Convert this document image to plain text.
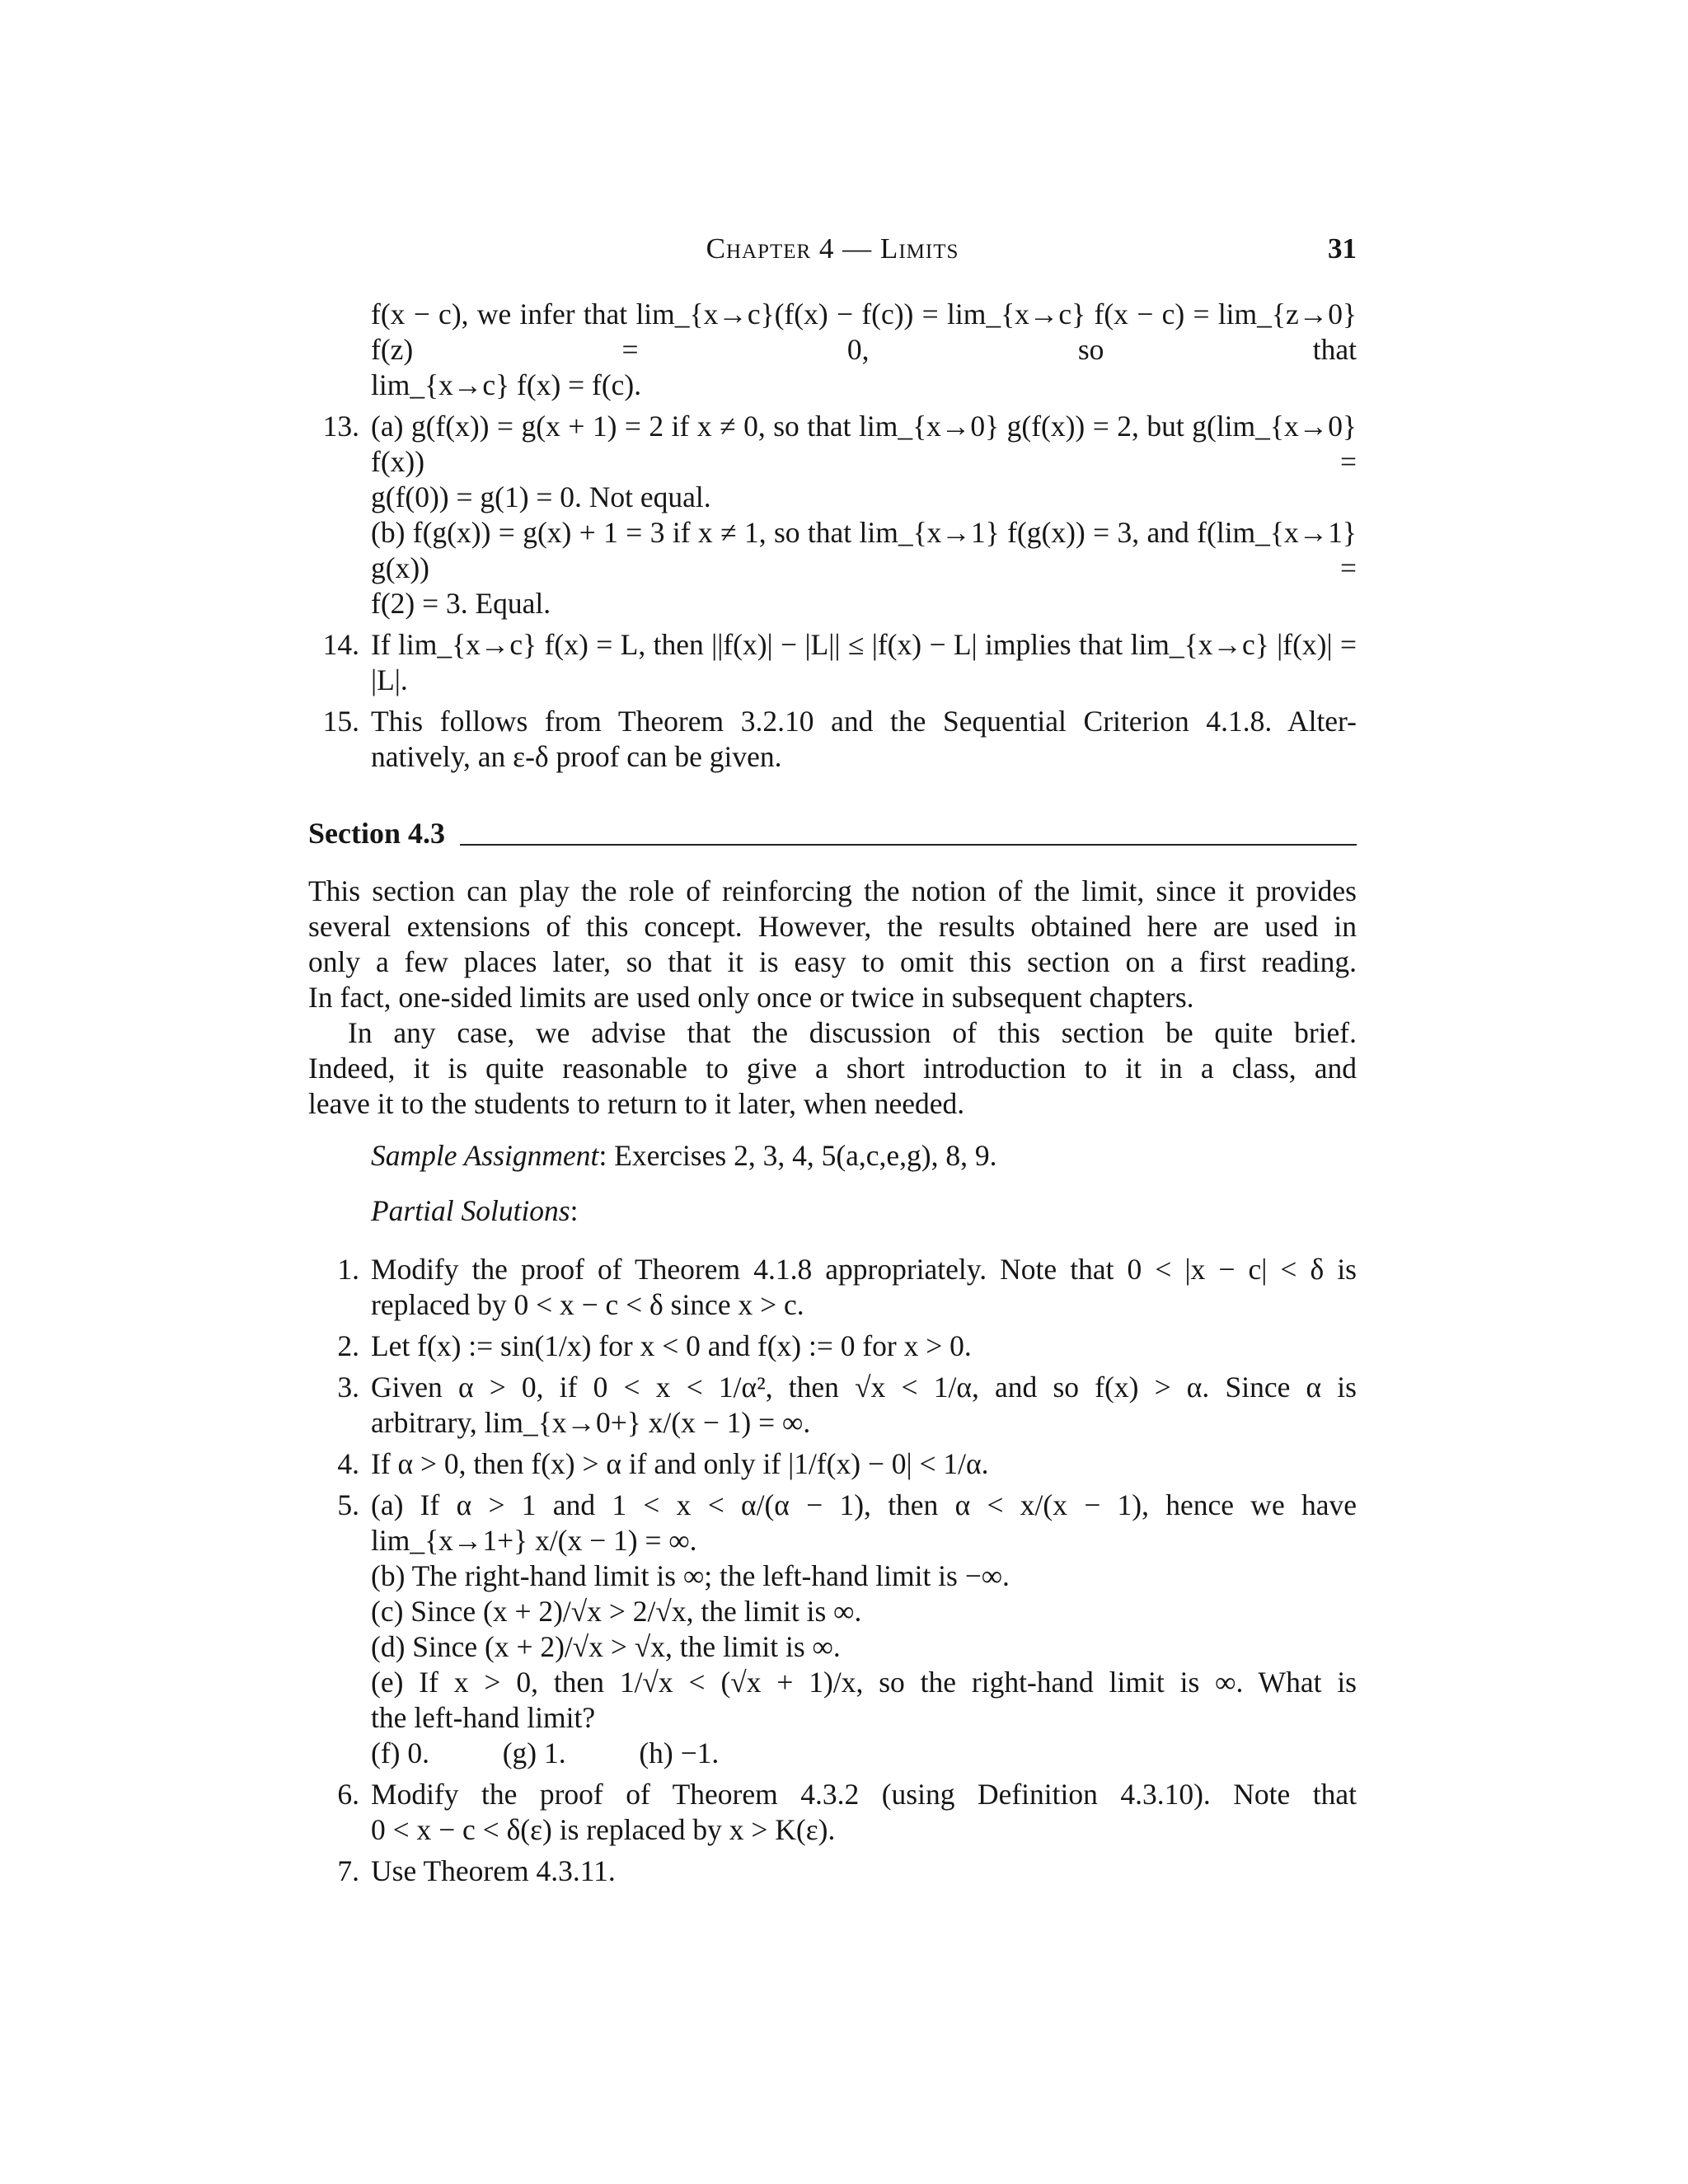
Chapter 4 — Limits	31
f(x − c), we infer that lim_{x→c}(f(x) − f(c)) = lim_{x→c} f(x − c) = lim_{z→0} f(z) = 0, so that
lim_{x→c} f(x) = f(c).
13. (a) g(f(x)) = g(x + 1) = 2 if x ≠ 0, so that lim_{x→0} g(f(x)) = 2, but g(lim_{x→0} f(x)) =
g(f(0)) = g(1) = 0. Not equal.
(b) f(g(x)) = g(x) + 1 = 3 if x ≠ 1, so that lim_{x→1} f(g(x)) = 3, and f(lim_{x→1} g(x)) =
f(2) = 3. Equal.
14. If lim_{x→c} f(x) = L, then ||f(x)| − |L|| ≤ |f(x) − L| implies that lim_{x→c} |f(x)| = |L|.
15. This follows from Theorem 3.2.10 and the Sequential Criterion 4.1.8. Alter-
natively, an ε-δ proof can be given.
Section 4.3
This section can play the role of reinforcing the notion of the limit, since it provides
several extensions of this concept. However, the results obtained here are used in
only a few places later, so that it is easy to omit this section on a first reading.
In fact, one-sided limits are used only once or twice in subsequent chapters.
In any case, we advise that the discussion of this section be quite brief.
Indeed, it is quite reasonable to give a short introduction to it in a class, and
leave it to the students to return to it later, when needed.
Sample Assignment: Exercises 2, 3, 4, 5(a,c,e,g), 8, 9.
Partial Solutions:
1. Modify the proof of Theorem 4.1.8 appropriately. Note that 0 < |x − c| < δ is
replaced by 0 < x − c < δ since x > c.
2. Let f(x) := sin(1/x) for x < 0 and f(x) := 0 for x > 0.
3. Given α > 0, if 0 < x < 1/α², then √x < 1/α, and so f(x) > α. Since α is
arbitrary, lim_{x→0+} x/(x − 1) = ∞.
4. If α > 0, then f(x) > α if and only if |1/f(x) − 0| < 1/α.
5. (a) If α > 1 and 1 < x < α/(α − 1), then α < x/(x − 1), hence we have
lim_{x→1+} x/(x − 1) = ∞.
(b) The right-hand limit is ∞; the left-hand limit is −∞.
(c) Since (x + 2)/√x > 2/√x, the limit is ∞.
(d) Since (x + 2)/√x > √x, the limit is ∞.
(e) If x > 0, then 1/√x < (√x + 1)/x, so the right-hand limit is ∞. What is
the left-hand limit?
(f) 0.          (g) 1.          (h) −1.
6. Modify the proof of Theorem 4.3.2 (using Definition 4.3.10). Note that
0 < x − c < δ(ε) is replaced by x > K(ε).
7. Use Theorem 4.3.11.
